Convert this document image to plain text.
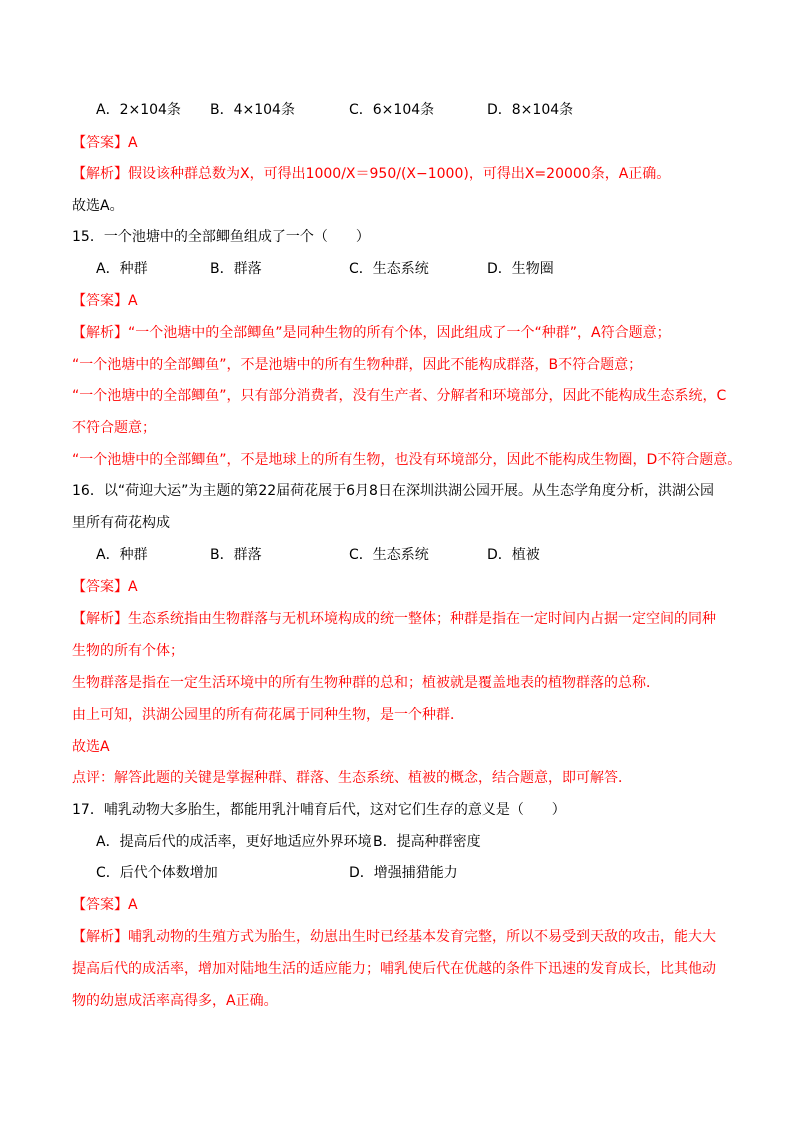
A．2×104条 B．4×104条	C．6×104条	D．8×104条
【答案】A
【解析】假设该种群总数为X，可得出1000/X＝950/(X−1000)，可得出X=20000条，A正确。
故选A。
15．一个池塘中的全部鲫鱼组成了一个（　　）
A．种群	B．群落	C．生态系统	D．生物圈
【答案】A
【解析】“一个池塘中的全部鲫鱼”是同种生物的所有个体，因此组成了一个“种群”，A符合题意；
“一个池塘中的全部鲫鱼”，不是池塘中的所有生物种群，因此不能构成群落，B不符合题意；
“一个池塘中的全部鲫鱼”，只有部分消费者，没有生产者、分解者和环境部分，因此不能构成生态系统，C
不符合题意；
“一个池塘中的全部鲫鱼”，不是地球上的所有生物，也没有环境部分，因此不能构成生物圈，D不符合题意。
16．以“荷迎大运”为主题的第22届荷花展于6月8日在深圳洪湖公园开展。从生态学角度分析，洪湖公园
里所有荷花构成
A．种群	B．群落	C．生态系统	D．植被
【答案】A
【解析】生态系统指由生物群落与无机环境构成的统一整体；种群是指在一定时间内占据一定空间的同种
生物的所有个体；
生物群落是指在一定生活环境中的所有生物种群的总和；植被就是覆盖地表的植物群落的总称．
由上可知，洪湖公园里的所有荷花属于同种生物，是一个种群．
故选A
点评：解答此题的关键是掌握种群、群落、生态系统、植被的概念，结合题意，即可解答．
17．哺乳动物大多胎生，都能用乳汁哺育后代，这对它们生存的意义是（　　）
A．提高后代的成活率，更好地适应外界环境 B．提高种群密度
C．后代个体数增加	D．增强捕猎能力
【答案】A
【解析】哺乳动物的生殖方式为胎生，幼崽出生时已经基本发育完整，所以不易受到天敌的攻击，能大大
提高后代的成活率，增加对陆地生活的适应能力；哺乳使后代在优越的条件下迅速的发育成长，比其他动
物的幼崽成活率高得多，A正确。
